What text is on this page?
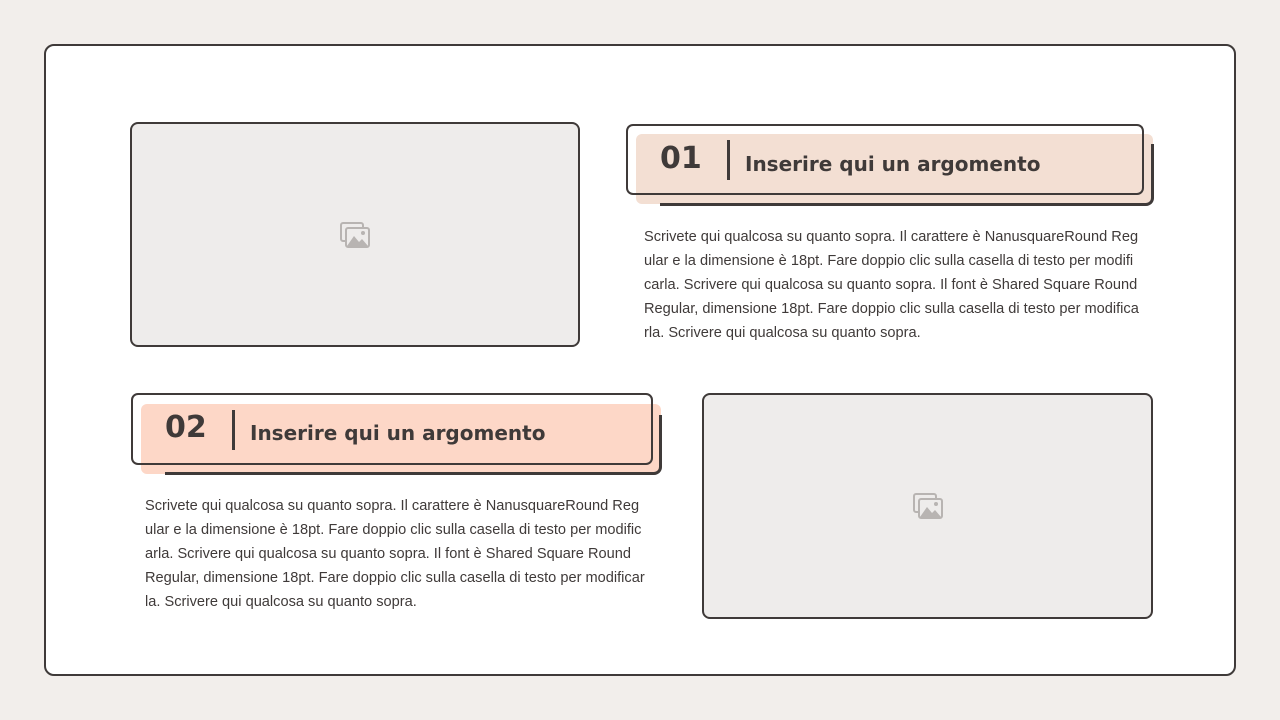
01 Inserire qui un argomento
Scrivete qui qualcosa su quanto sopra. Il carattere è NanusquareRound Regular e la dimensione è 18pt. Fare doppio clic sulla casella di testo per modificarla. Scrivere qui qualcosa su quanto sopra. Il font è Shared Square Round Regular, dimensione 18pt. Fare doppio clic sulla casella di testo per modificarla. Scrivere qui qualcosa su quanto sopra.
02 Inserire qui un argomento
Scrivete qui qualcosa su quanto sopra. Il carattere è NanusquareRound Regular e la dimensione è 18pt. Fare doppio clic sulla casella di testo per modificarla. Scrivere qui qualcosa su quanto sopra. Il font è Shared Square Round Regular, dimensione 18pt. Fare doppio clic sulla casella di testo per modificarla. Scrivere qui qualcosa su quanto sopra.
